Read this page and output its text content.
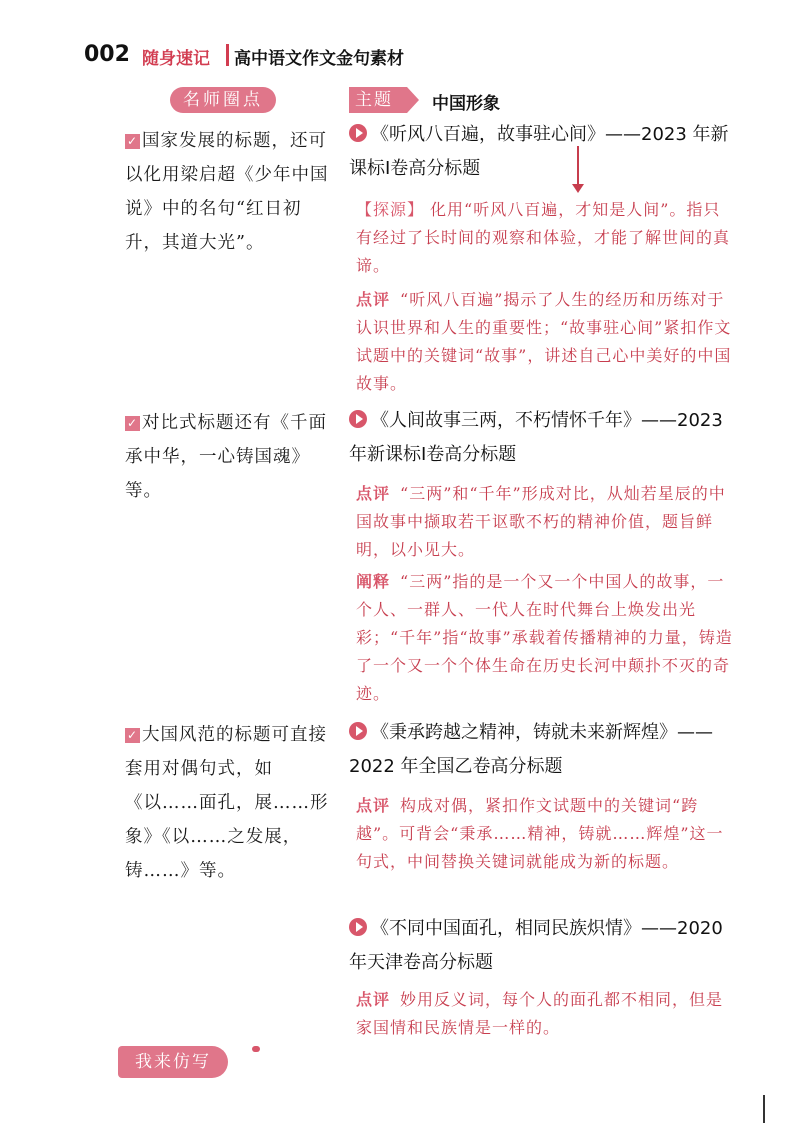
002 随身速记 高中语文作文金句素材
名师圈点	主题	中国形象
✓ 国家发展的标题，还可以化用梁启超《少年中国说》中的名句“红日初升，其道大光”。
✓ 对比式标题还有《千面承中华，一心铸国魂》等。
✓ 大国风范的标题可直接套用对偶句式，如《以……面孔，展……形象》《以……之发展，铸……》等。
《听风八百遍，故事驻心间》——2023 年新课标Ⅰ卷高分标题
【探源】 化用“听风八百遍，才知是人间”。指只有经过了长时间的观察和体验，才能了解世间的真谛。
点评 “听风八百遍”揭示了人生的经历和历练对于认识世界和人生的重要性；“故事驻心间”紧扣作文试题中的关键词“故事”，讲述自己心中美好的中国故事。
《人间故事三两，不朽情怀千年》——2023 年新课标Ⅰ卷高分标题
点评 “三两”和“千年”形成对比，从灿若星辰的中国故事中撷取若干讴歌不朽的精神价值，题旨鲜明，以小见大。
阐释 “三两”指的是一个又一个中国人的故事，一个人、一群人、一代人在时代舞台上焕发出光彩；“千年”指“故事”承载着传播精神的力量，铸造了一个又一个个体生命在历史长河中颠扑不灭的奇迹。
《秉承跨越之精神，铸就未来新辉煌》——2022 年全国乙卷高分标题
点评 构成对偶，紧扣作文试题中的关键词“跨越”。可背会“秉承……精神，铸就……辉煌”这一句式，中间替换关键词就能成为新的标题。
《不同中国面孔，相同民族炽情》——2020 年天津卷高分标题
点评 妙用反义词，每个人的面孔都不相同，但是家国情和民族情是一样的。
我来仿写
